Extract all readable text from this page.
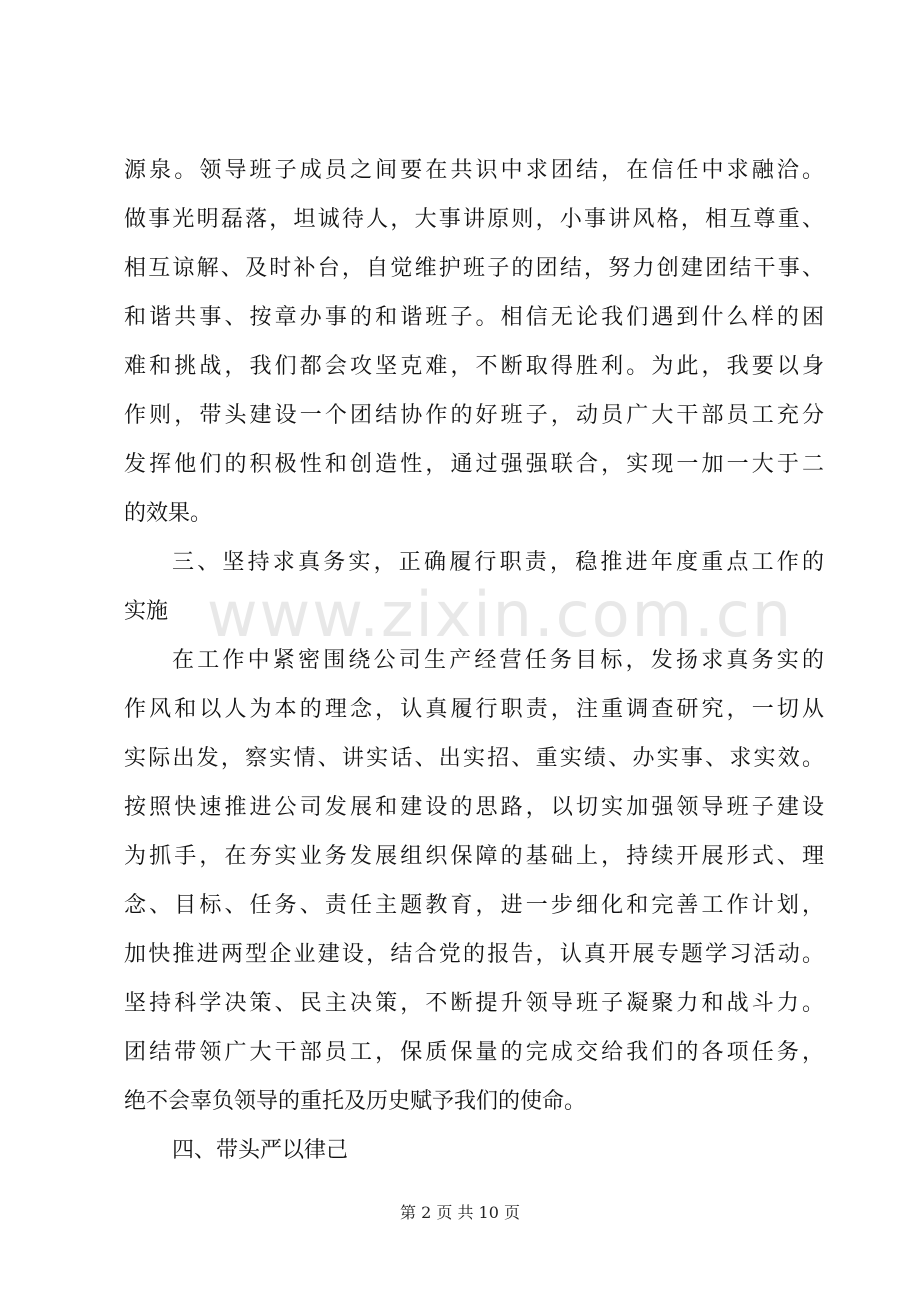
www.zixin.com.cn
源泉。领导班子成员之间要在共识中求团结，在信任中求融洽。
做事光明磊落，坦诚待人，大事讲原则，小事讲风格，相互尊重、
相互谅解、及时补台，自觉维护班子的团结，努力创建团结干事、
和谐共事、按章办事的和谐班子。相信无论我们遇到什么样的困
难和挑战，我们都会攻坚克难，不断取得胜利。为此，我要以身
作则，带头建设一个团结协作的好班子，动员广大干部员工充分
发挥他们的积极性和创造性，通过强强联合，实现一加一大于二
的效果。
三、坚持求真务实，正确履行职责，稳推进年度重点工作的
实施
在工作中紧密围绕公司生产经营任务目标，发扬求真务实的
作风和以人为本的理念，认真履行职责，注重调查研究，一切从
实际出发，察实情、讲实话、出实招、重实绩、办实事、求实效。
按照快速推进公司发展和建设的思路，以切实加强领导班子建设
为抓手，在夯实业务发展组织保障的基础上，持续开展形式、理
念、目标、任务、责任主题教育，进一步细化和完善工作计划，
加快推进两型企业建设，结合党的报告，认真开展专题学习活动。
坚持科学决策、民主决策，不断提升领导班子凝聚力和战斗力。
团结带领广大干部员工，保质保量的完成交给我们的各项任务，
绝不会辜负领导的重托及历史赋予我们的使命。
四、带头严以律己
第 2 页 共 10 页
